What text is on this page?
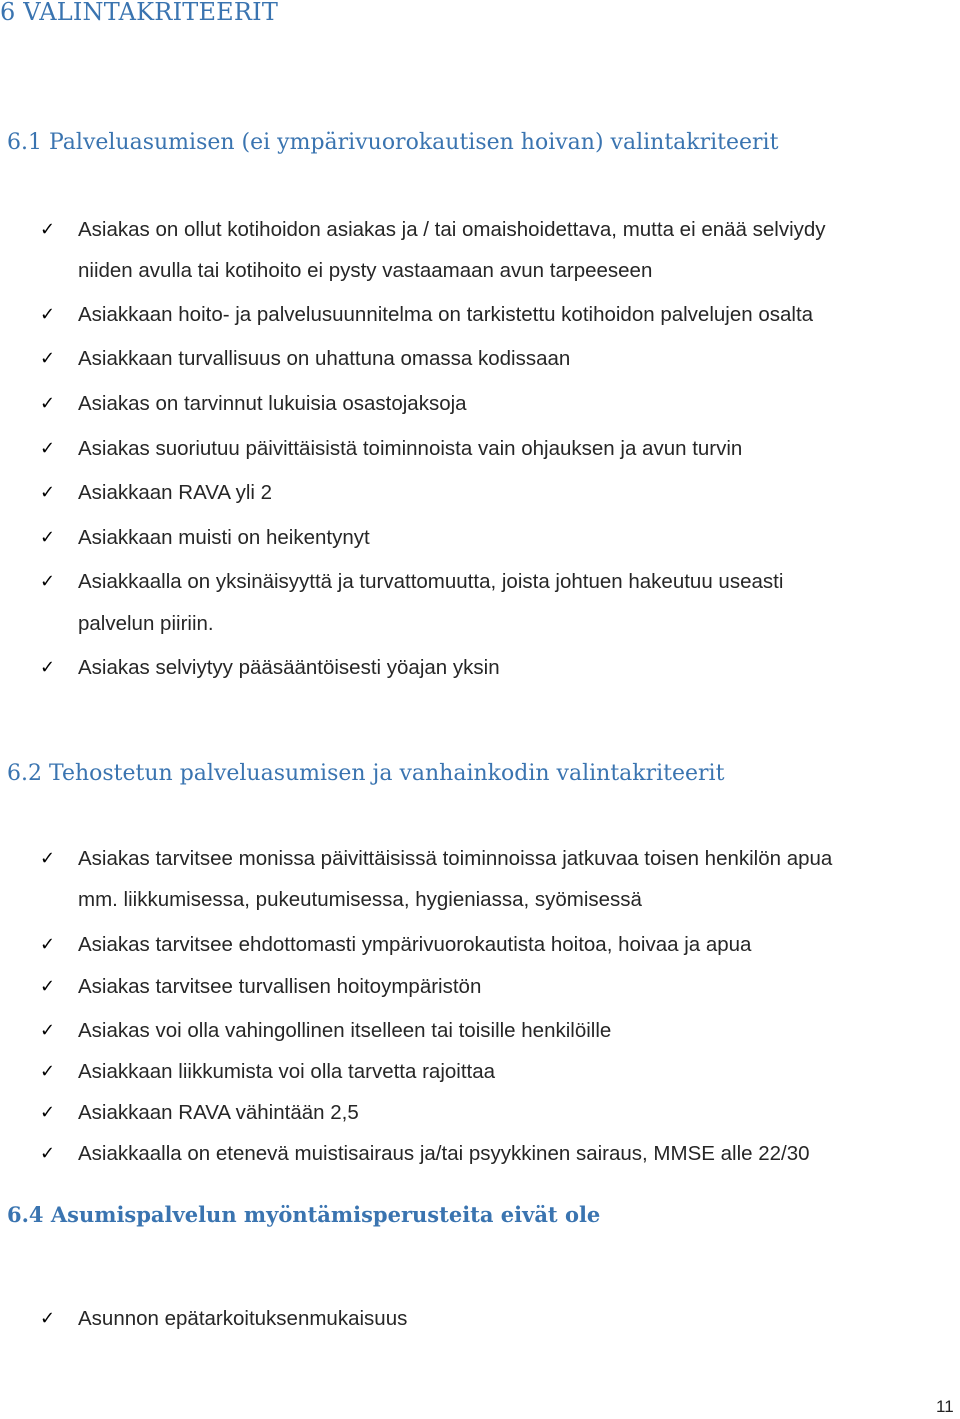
6 VALINTAKRITEERIT
6.1 Palveluasumisen (ei ympärivuorokautisen hoivan) valintakriteerit
✓ Asiakas on ollut kotihoidon asiakas ja / tai omaishoidettava, mutta ei enää selviydy
niiden avulla tai kotihoito ei pysty vastaamaan avun tarpeeseen
✓ Asiakkaan hoito- ja palvelusuunnitelma on tarkistettu kotihoidon palvelujen osalta
✓ Asiakkaan turvallisuus on uhattuna omassa kodissaan
✓ Asiakas on tarvinnut lukuisia osastojaksoja
✓ Asiakas suoriutuu päivittäisistä toiminnoista vain ohjauksen ja avun turvin
✓ Asiakkaan RAVA yli 2
✓ Asiakkaan muisti on heikentynyt
✓ Asiakkaalla on yksinäisyyttä ja turvattomuutta, joista johtuen hakeutuu useasti
palvelun piiriin.
✓ Asiakas selviytyy pääsääntöisesti yöajan yksin
6.2 Tehostetun palveluasumisen ja vanhainkodin valintakriteerit
✓ Asiakas tarvitsee monissa päivittäisissä toiminnoissa jatkuvaa toisen henkilön apua
mm. liikkumisessa, pukeutumisessa, hygieniassa, syömisessä
✓ Asiakas tarvitsee ehdottomasti ympärivuorokautista hoitoa, hoivaa ja apua
✓ Asiakas tarvitsee turvallisen hoitoympäristön
✓ Asiakas voi olla vahingollinen itselleen tai toisille henkilöille
✓ Asiakkaan liikkumista voi olla tarvetta rajoittaa
✓ Asiakkaan RAVA vähintään 2,5
✓ Asiakkaalla on etenevä muistisairaus ja/tai psyykkinen sairaus, MMSE alle 22/30
6.4 Asumispalvelun myöntämisperusteita eivät ole
✓ Asunnon epätarkoituksenmukaisuus
11
